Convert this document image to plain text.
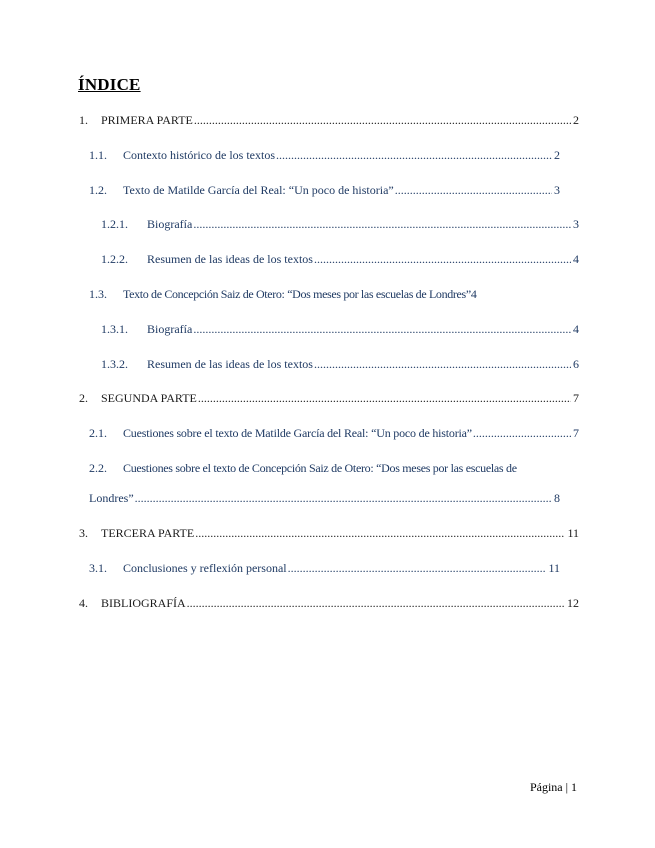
ÍNDICE
1. PRIMERA PARTE .....	2
1.1. Contexto histórico de los textos .....	2
1.2. Texto de Matilde García del Real: “Un poco de historia” .....	3
1.2.1. Biografía .....	3
1.2.2. Resumen de las ideas de los textos .....	4
1.3. Texto de Concepción Saiz de Otero: “Dos meses por las escuelas de Londres” 4
1.3.1. Biografía .....	4
1.3.2. Resumen de las ideas de los textos .....	6
2. SEGUNDA PARTE .....	7
2.1. Cuestiones sobre el texto de Matilde García del Real: “Un poco de historia” .....	7
2.2. Cuestiones sobre el texto de Concepción Saiz de Otero: “Dos meses por las escuelas de
Londres” .....	8
3. TERCERA PARTE .....	11
3.1. Conclusiones y reflexión personal .....	11
4. BIBLIOGRAFÍA .....	12
Página | 1
